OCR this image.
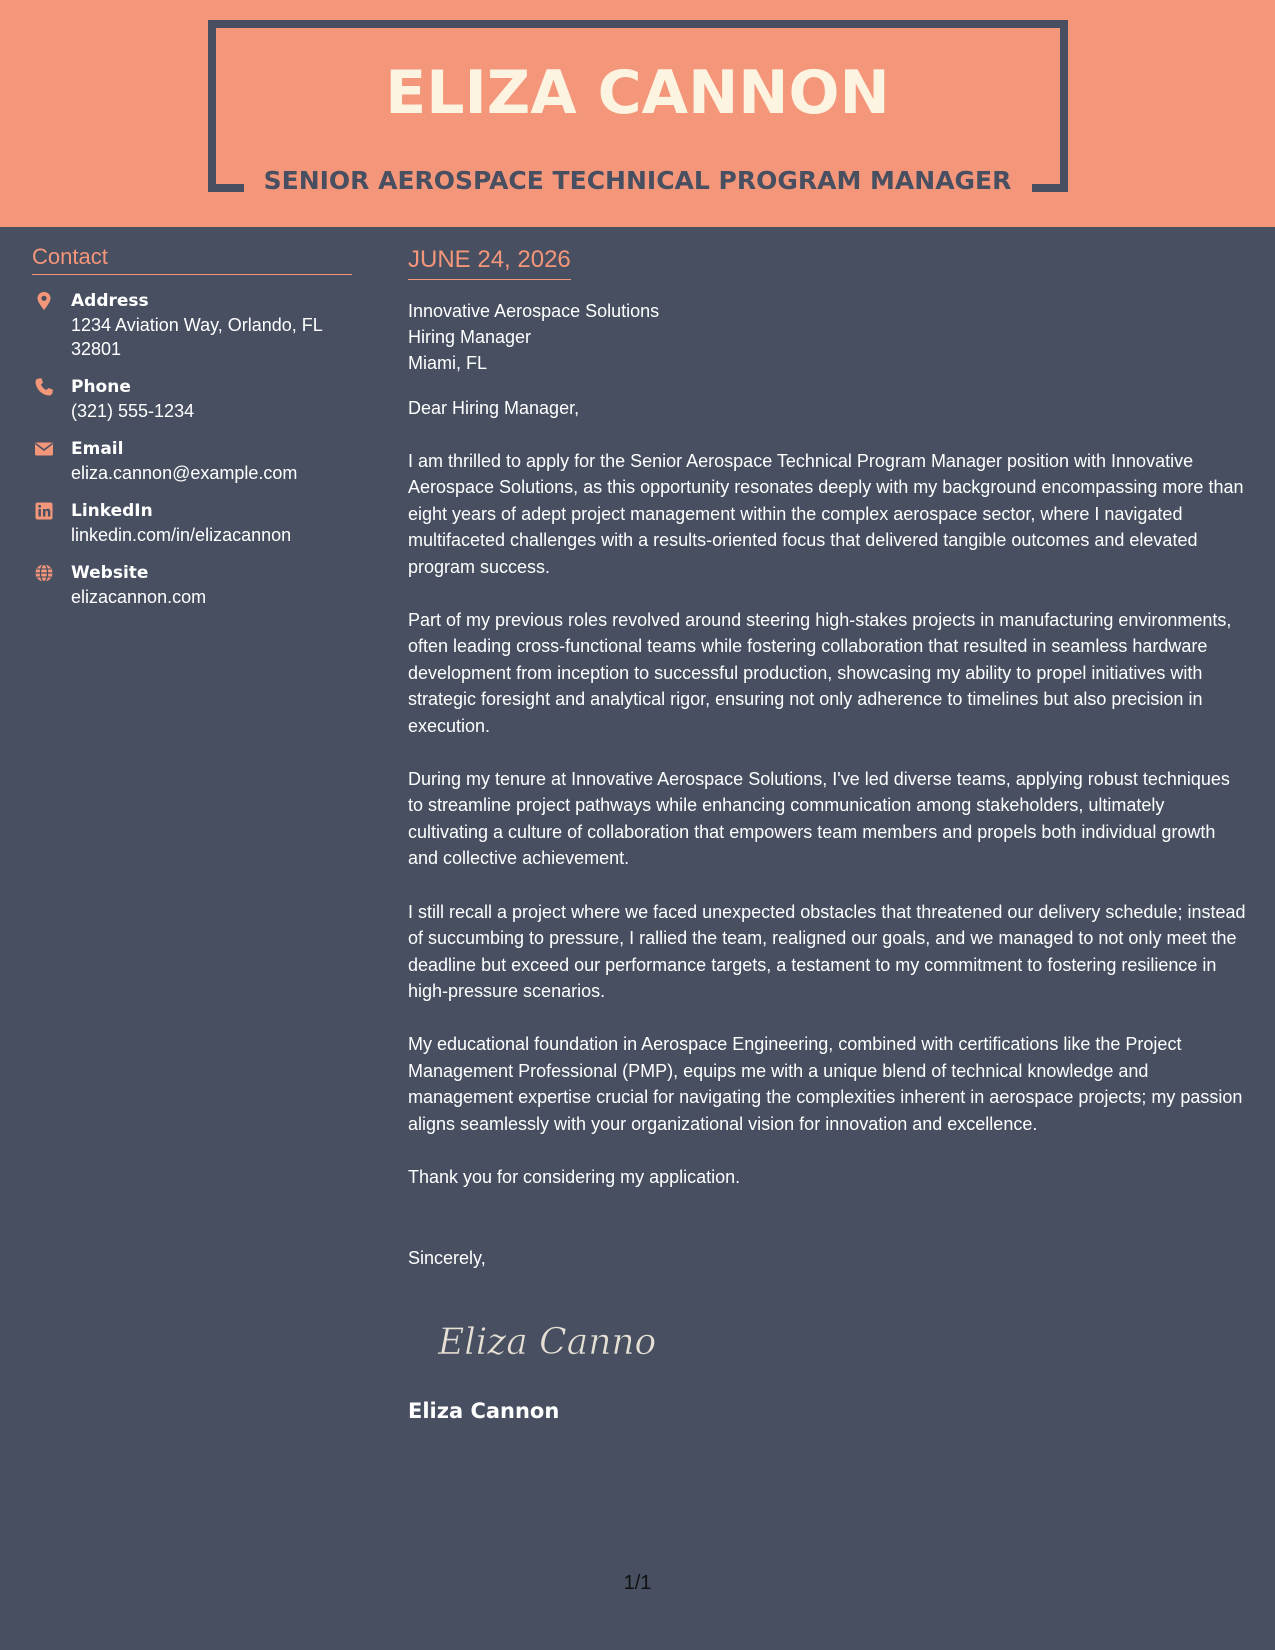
ELIZA CANNON
SENIOR AEROSPACE TECHNICAL PROGRAM MANAGER
Contact
Address
1234 Aviation Way, Orlando, FL 32801
Phone
(321) 555-1234
Email
eliza.cannon@example.com
LinkedIn
linkedin.com/in/elizacannon
Website
elizacannon.com
JUNE 24, 2026
Innovative Aerospace Solutions
Hiring Manager
Miami, FL
Dear Hiring Manager,
I am thrilled to apply for the Senior Aerospace Technical Program Manager position with Innovative Aerospace Solutions, as this opportunity resonates deeply with my background encompassing more than eight years of adept project management within the complex aerospace sector, where I navigated multifaceted challenges with a results-oriented focus that delivered tangible outcomes and elevated program success.
Part of my previous roles revolved around steering high-stakes projects in manufacturing environments, often leading cross-functional teams while fostering collaboration that resulted in seamless hardware development from inception to successful production, showcasing my ability to propel initiatives with strategic foresight and analytical rigor, ensuring not only adherence to timelines but also precision in execution.
During my tenure at Innovative Aerospace Solutions, I've led diverse teams, applying robust techniques to streamline project pathways while enhancing communication among stakeholders, ultimately cultivating a culture of collaboration that empowers team members and propels both individual growth and collective achievement.
I still recall a project where we faced unexpected obstacles that threatened our delivery schedule; instead of succumbing to pressure, I rallied the team, realigned our goals, and we managed to not only meet the deadline but exceed our performance targets, a testament to my commitment to fostering resilience in high-pressure scenarios.
My educational foundation in Aerospace Engineering, combined with certifications like the Project Management Professional (PMP), equips me with a unique blend of technical knowledge and management expertise crucial for navigating the complexities inherent in aerospace projects; my passion aligns seamlessly with your organizational vision for innovation and excellence.
Thank you for considering my application.
Sincerely,
Eliza Cannon
Eliza Cannon
1/1
